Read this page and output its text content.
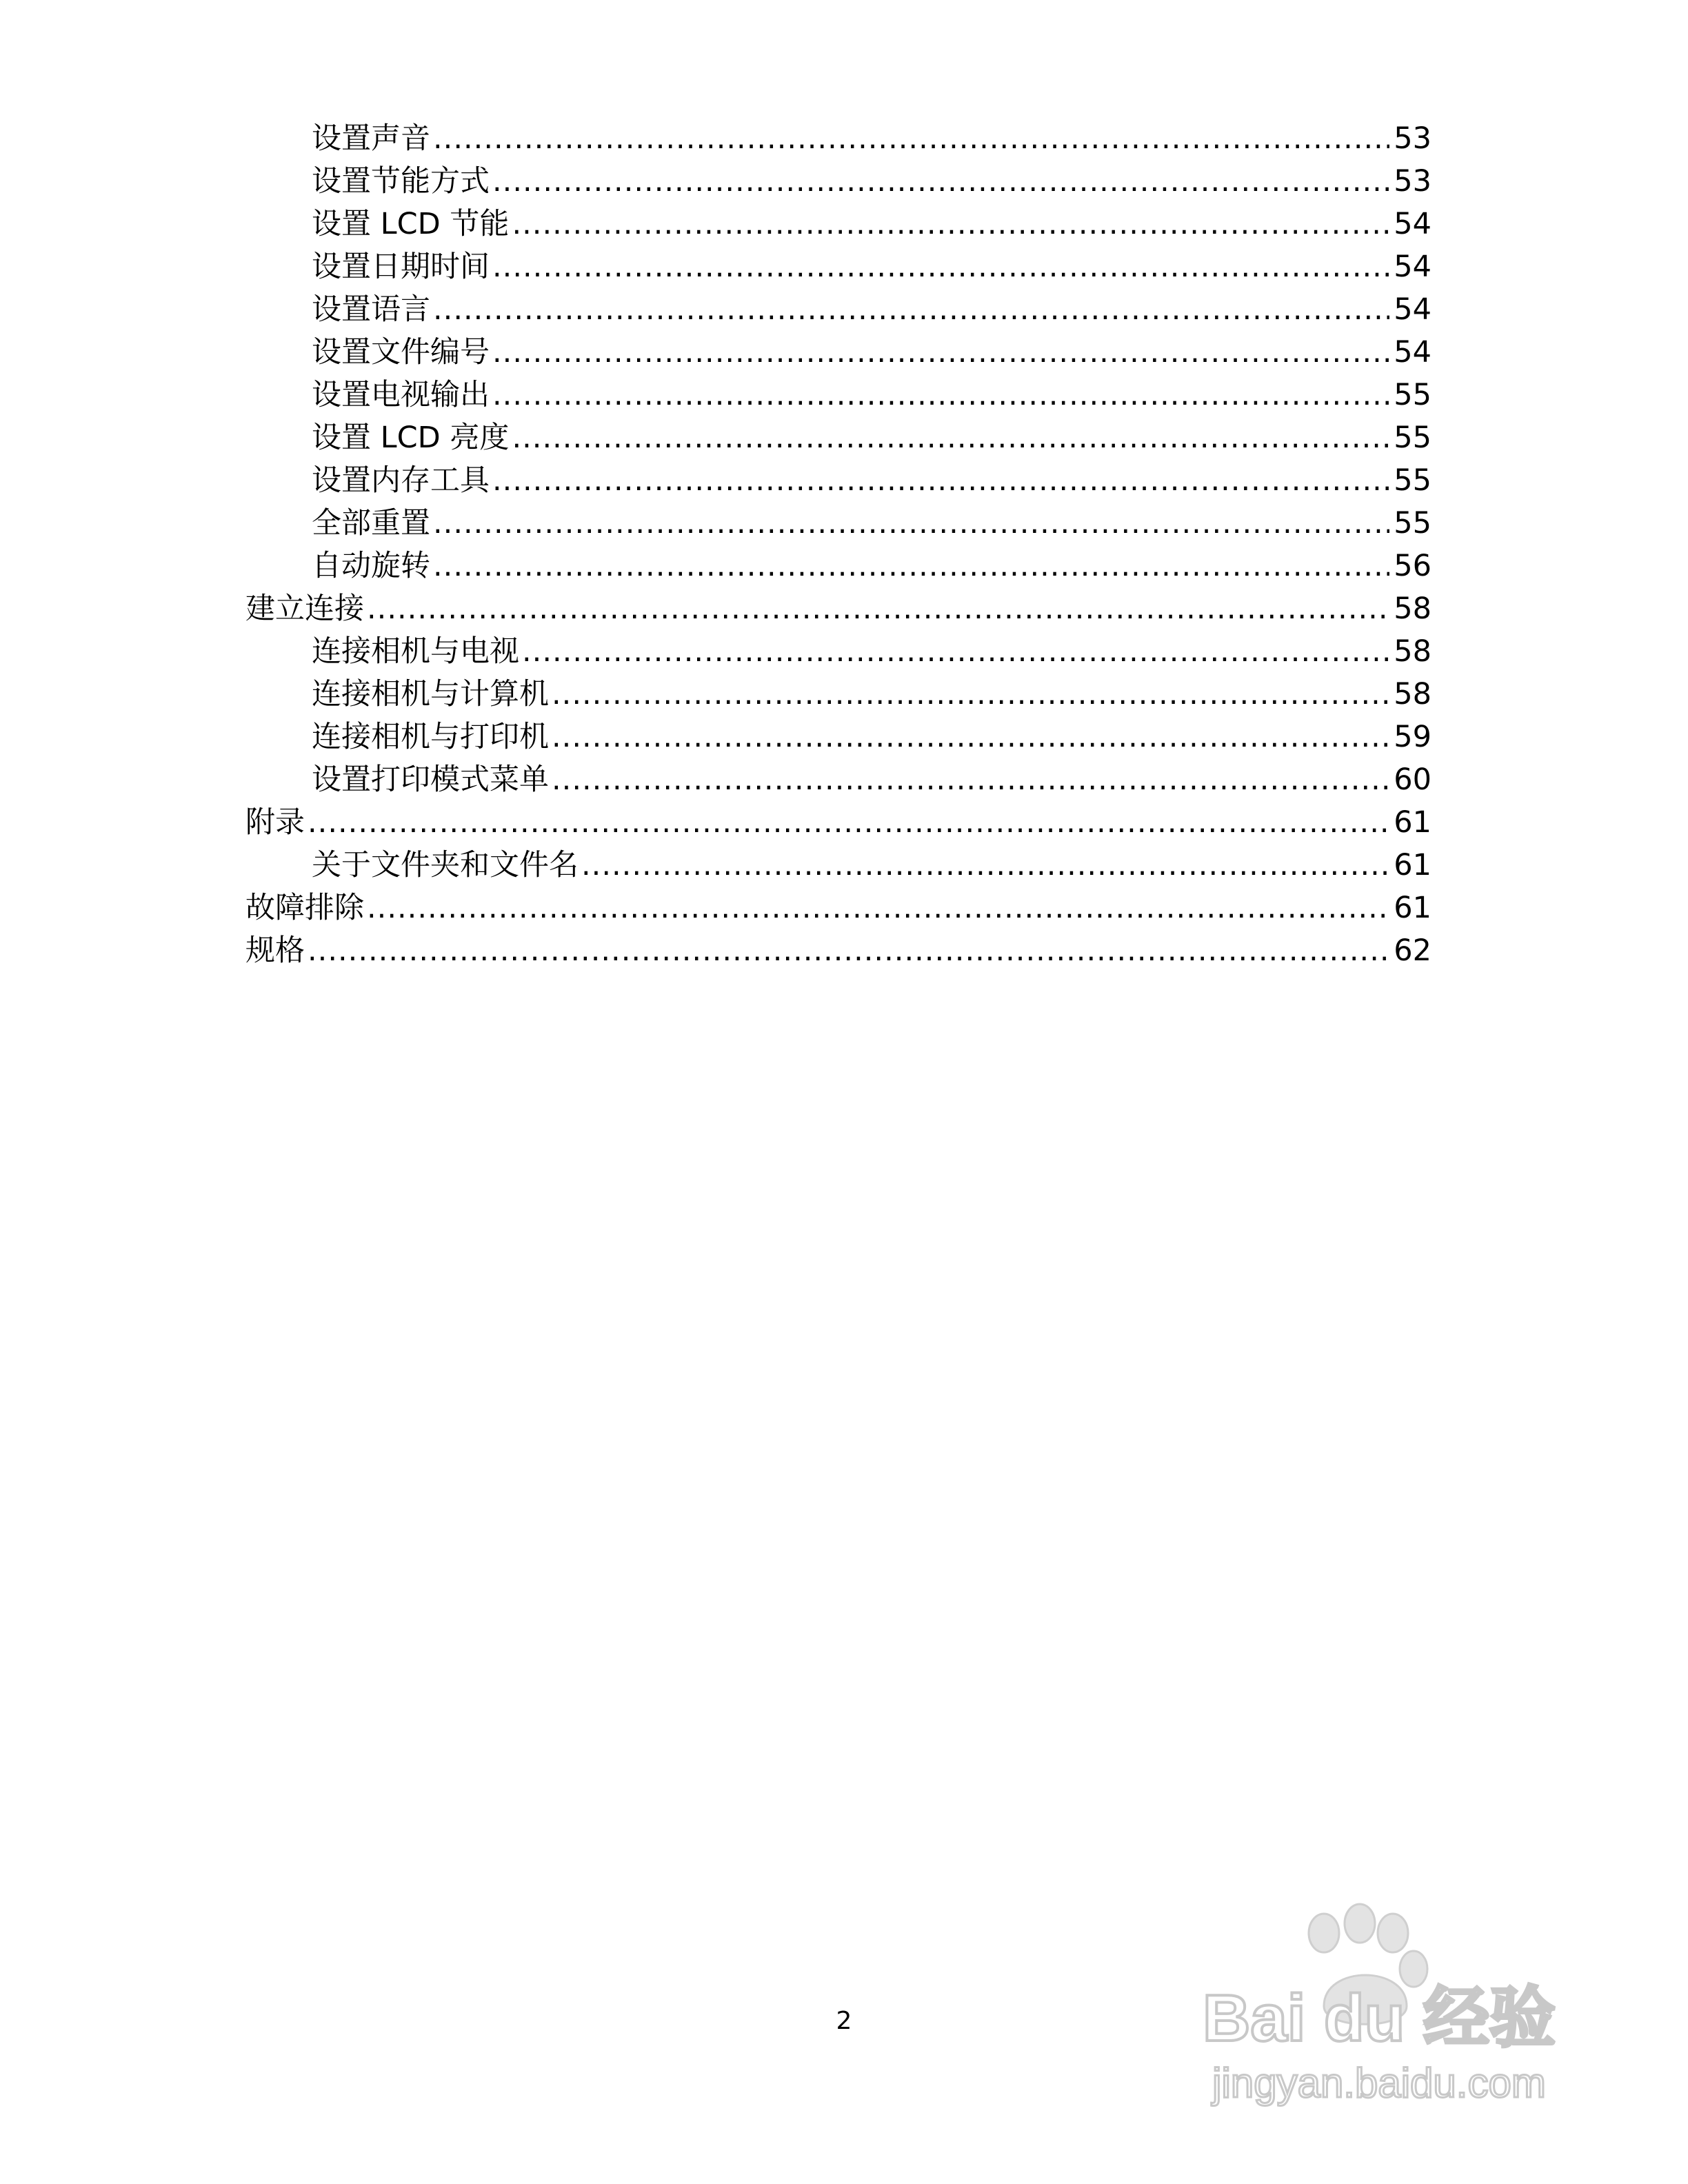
设置声音 .....	53
设置节能方式 .....	53
设置 LCD 节能 .....	54
设置日期时间 .....	54
设置语言 .....	54
设置文件编号 .....	54
设置电视输出 .....	55
设置 LCD 亮度 .....	55
设置内存工具 .....	55
全部重置 .....	55
自动旋转 .....	56
建立连接 .....	58
连接相机与电视 .....	58
连接相机与计算机 .....	58
连接相机与打印机 .....	59
设置打印模式菜单 .....	60
附录 .....	61
关于文件夹和文件名 .....	61
故障排除 .....	61
规格 .....	62
2	Bai du 经验
jingyan.baidu.com
